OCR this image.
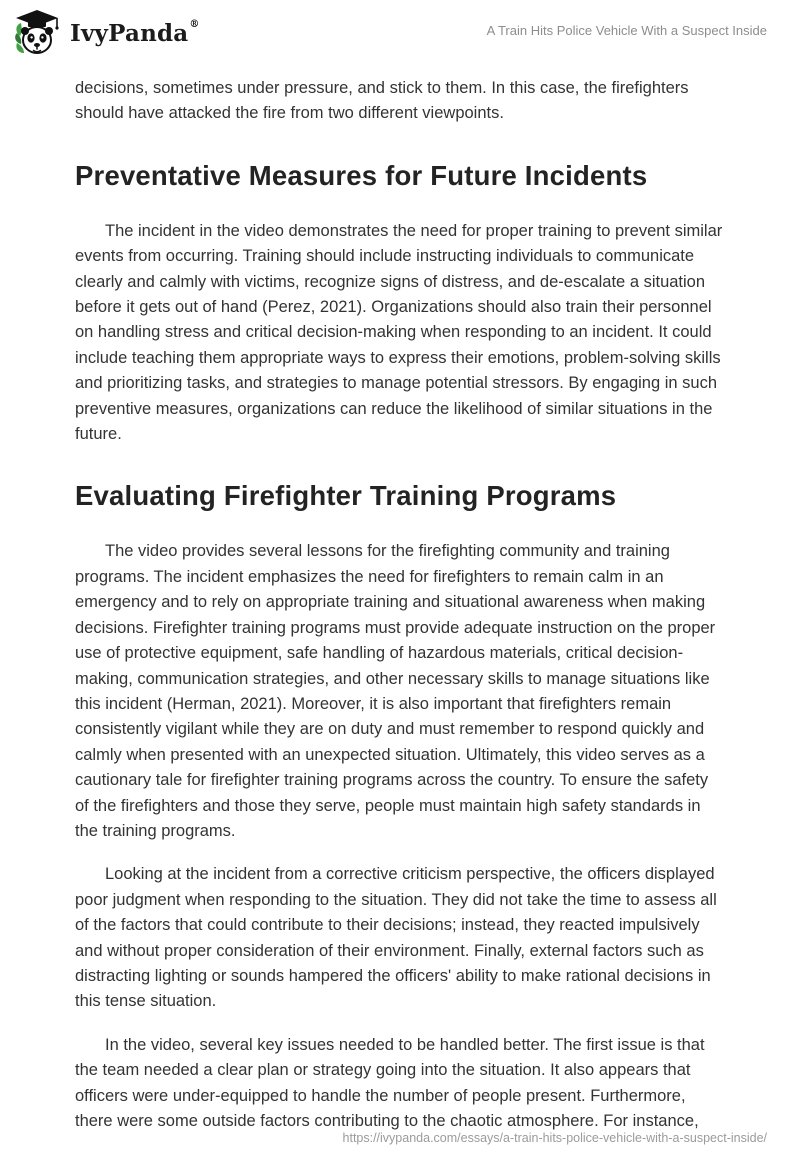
IvyPanda®	A Train Hits Police Vehicle With a Suspect Inside

decisions, sometimes under pressure, and stick to them. In this case, the firefighters should have attacked the fire from two different viewpoints.

Preventative Measures for Future Incidents

The incident in the video demonstrates the need for proper training to prevent similar events from occurring. Training should include instructing individuals to communicate clearly and calmly with victims, recognize signs of distress, and de-escalate a situation before it gets out of hand (Perez, 2021). Organizations should also train their personnel on handling stress and critical decision-making when responding to an incident. It could include teaching them appropriate ways to express their emotions, problem-solving skills and prioritizing tasks, and strategies to manage potential stressors. By engaging in such preventive measures, organizations can reduce the likelihood of similar situations in the future.

Evaluating Firefighter Training Programs

The video provides several lessons for the firefighting community and training programs. The incident emphasizes the need for firefighters to remain calm in an emergency and to rely on appropriate training and situational awareness when making decisions. Firefighter training programs must provide adequate instruction on the proper use of protective equipment, safe handling of hazardous materials, critical decision-making, communication strategies, and other necessary skills to manage situations like this incident (Herman, 2021). Moreover, it is also important that firefighters remain consistently vigilant while they are on duty and must remember to respond quickly and calmly when presented with an unexpected situation. Ultimately, this video serves as a cautionary tale for firefighter training programs across the country. To ensure the safety of the firefighters and those they serve, people must maintain high safety standards in the training programs.

Looking at the incident from a corrective criticism perspective, the officers displayed poor judgment when responding to the situation. They did not take the time to assess all of the factors that could contribute to their decisions; instead, they reacted impulsively and without proper consideration of their environment. Finally, external factors such as distracting lighting or sounds hampered the officers' ability to make rational decisions in this tense situation.

In the video, several key issues needed to be handled better. The first issue is that the team needed a clear plan or strategy going into the situation. It also appears that officers were under-equipped to handle the number of people present. Furthermore, there were some outside factors contributing to the chaotic atmosphere. For instance,

https://ivypanda.com/essays/a-train-hits-police-vehicle-with-a-suspect-inside/
